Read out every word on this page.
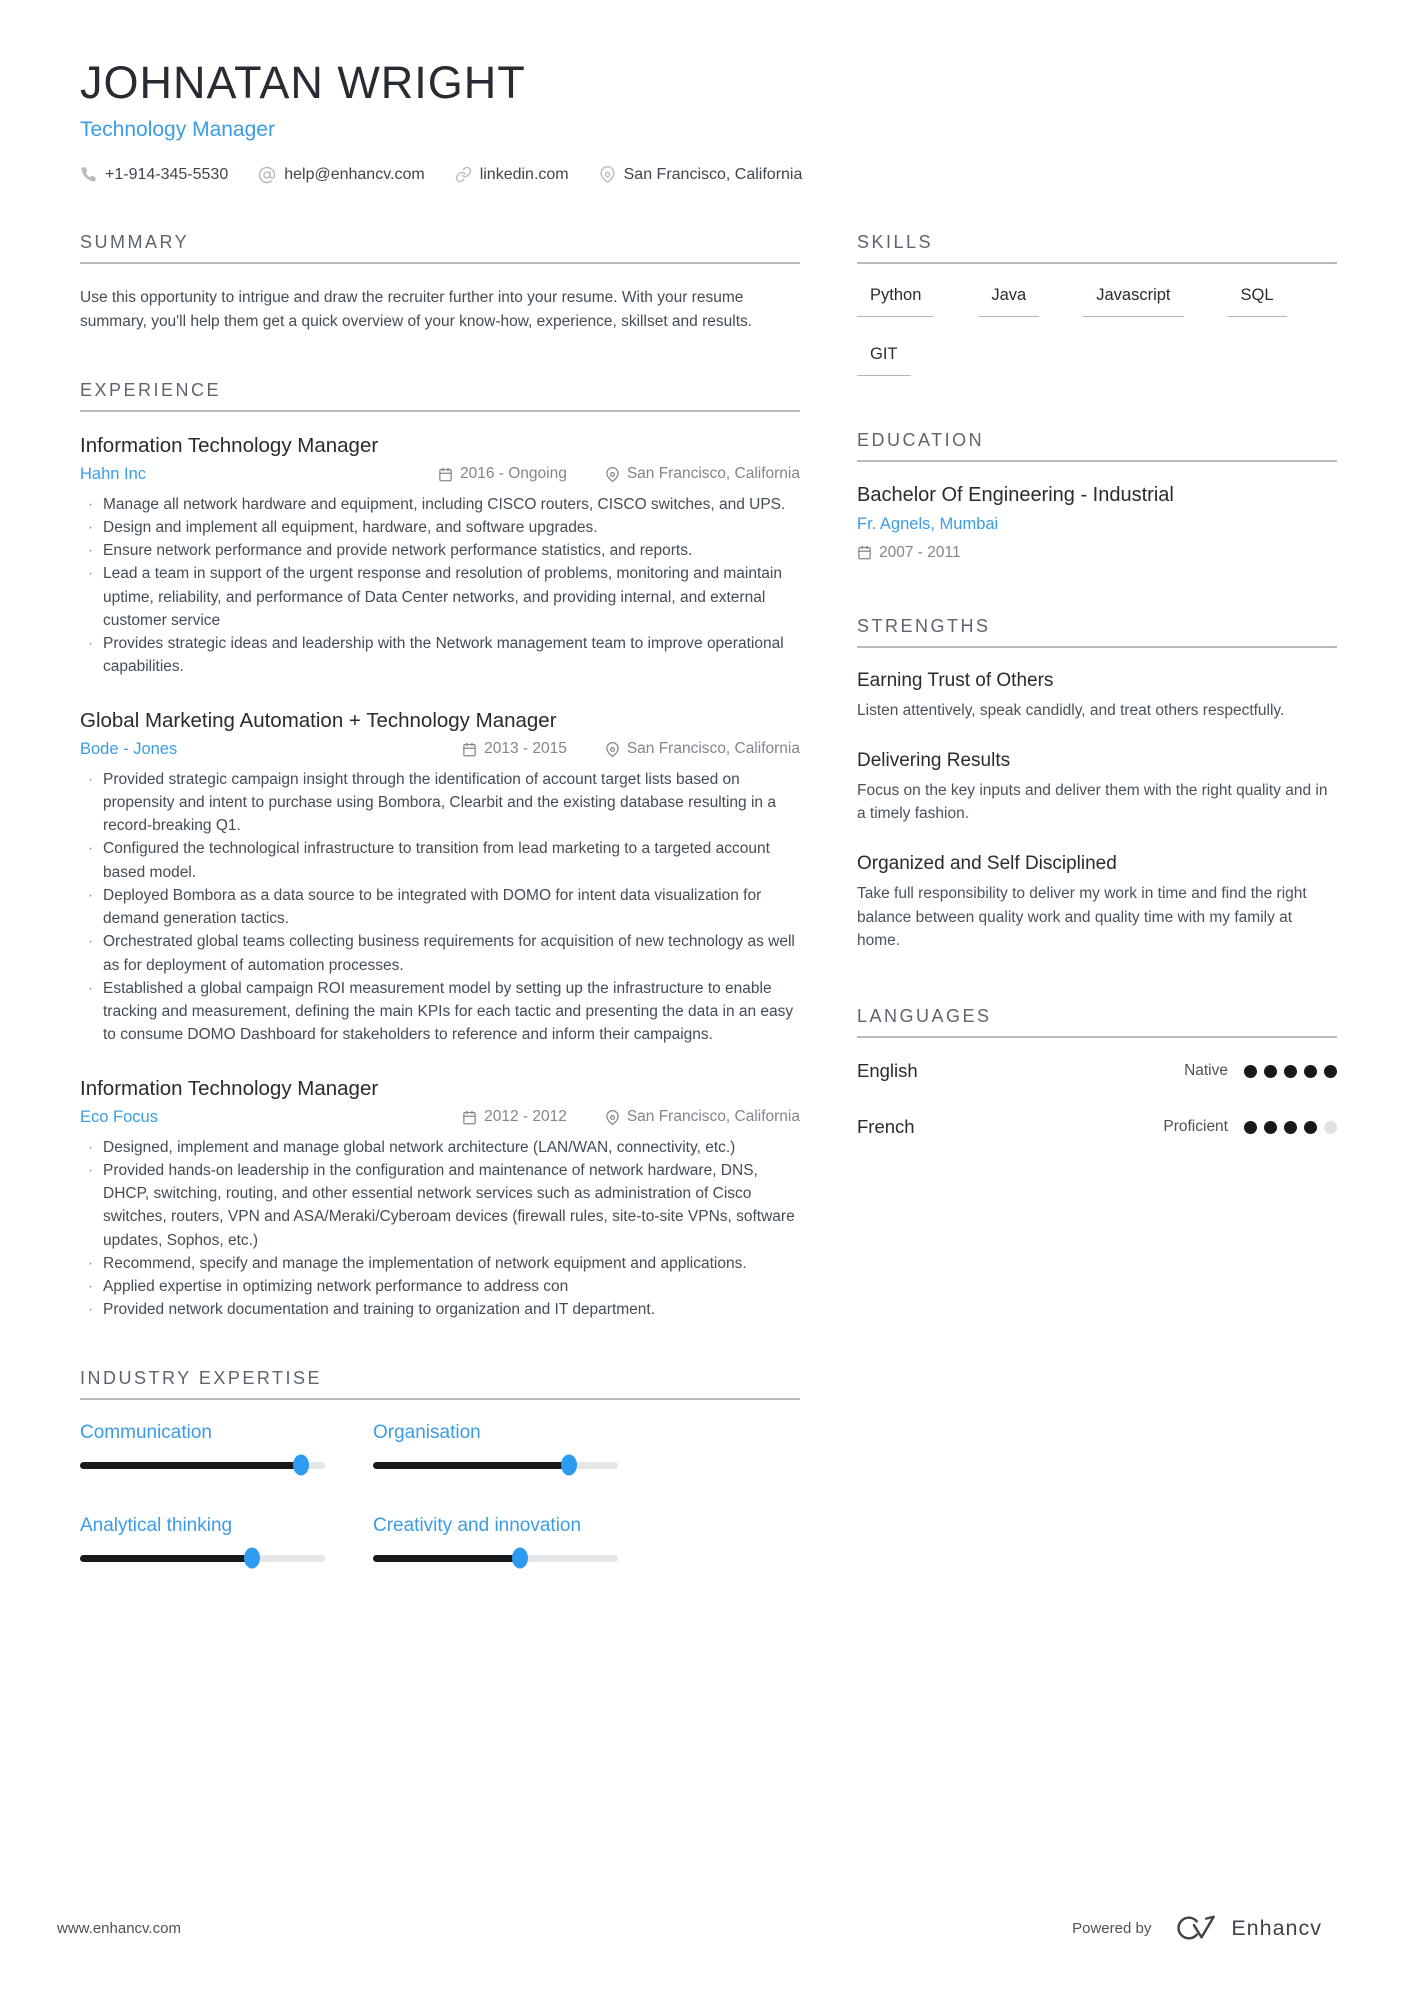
JOHNATAN WRIGHT
Technology Manager
+1-914-345-5530	help@enhancv.com	linkedin.com	San Francisco, California
SUMMARY
Use this opportunity to intrigue and draw the recruiter further into your resume. With your resume summary, you'll help them get a quick overview of your know-how, experience, skillset and results.
EXPERIENCE
Information Technology Manager
Hahn Inc	2016 - Ongoing	San Francisco, California
· Manage all network hardware and equipment, including CISCO routers, CISCO switches, and UPS.
· Design and implement all equipment, hardware, and software upgrades.
· Ensure network performance and provide network performance statistics, and reports.
· Lead a team in support of the urgent response and resolution of problems, monitoring and maintain uptime, reliability, and performance of Data Center networks, and providing internal, and external customer service
· Provides strategic ideas and leadership with the Network management team to improve operational capabilities.
Global Marketing Automation + Technology Manager
Bode - Jones	2013 - 2015	San Francisco, California
· Provided strategic campaign insight through the identification of account target lists based on propensity and intent to purchase using Bombora, Clearbit and the existing database resulting in a record-breaking Q1.
· Configured the technological infrastructure to transition from lead marketing to a targeted account based model.
· Deployed Bombora as a data source to be integrated with DOMO for intent data visualization for demand generation tactics.
· Orchestrated global teams collecting business requirements for acquisition of new technology as well as for deployment of automation processes.
· Established a global campaign ROI measurement model by setting up the infrastructure to enable tracking and measurement, defining the main KPIs for each tactic and presenting the data in an easy to consume DOMO Dashboard for stakeholders to reference and inform their campaigns.
Information Technology Manager
Eco Focus	2012 - 2012	San Francisco, California
· Designed, implement and manage global network architecture (LAN/WAN, connectivity, etc.)
· Provided hands-on leadership in the configuration and maintenance of network hardware, DNS, DHCP, switching, routing, and other essential network services such as administration of Cisco switches, routers, VPN and ASA/Meraki/Cyberoam devices (firewall rules, site-to-site VPNs, software updates, Sophos, etc.)
· Recommend, specify and manage the implementation of network equipment and applications.
· Applied expertise in optimizing network performance to address con
· Provided network documentation and training to organization and IT department.
INDUSTRY EXPERTISE
Communication	Organisation
Analytical thinking	Creativity and innovation
SKILLS
Python	Java	Javascript	SQL
GIT
EDUCATION
Bachelor Of Engineering - Industrial
Fr. Agnels, Mumbai
2007 - 2011
STRENGTHS
Earning Trust of Others
Listen attentively, speak candidly, and treat others respectfully.
Delivering Results
Focus on the key inputs and deliver them with the right quality and in a timely fashion.
Organized and Self Disciplined
Take full responsibility to deliver my work in time and find the right balance between quality work and quality time with my family at home.
LANGUAGES
English	Native
French	Proficient
www.enhancv.com	Powered by	Enhancv
